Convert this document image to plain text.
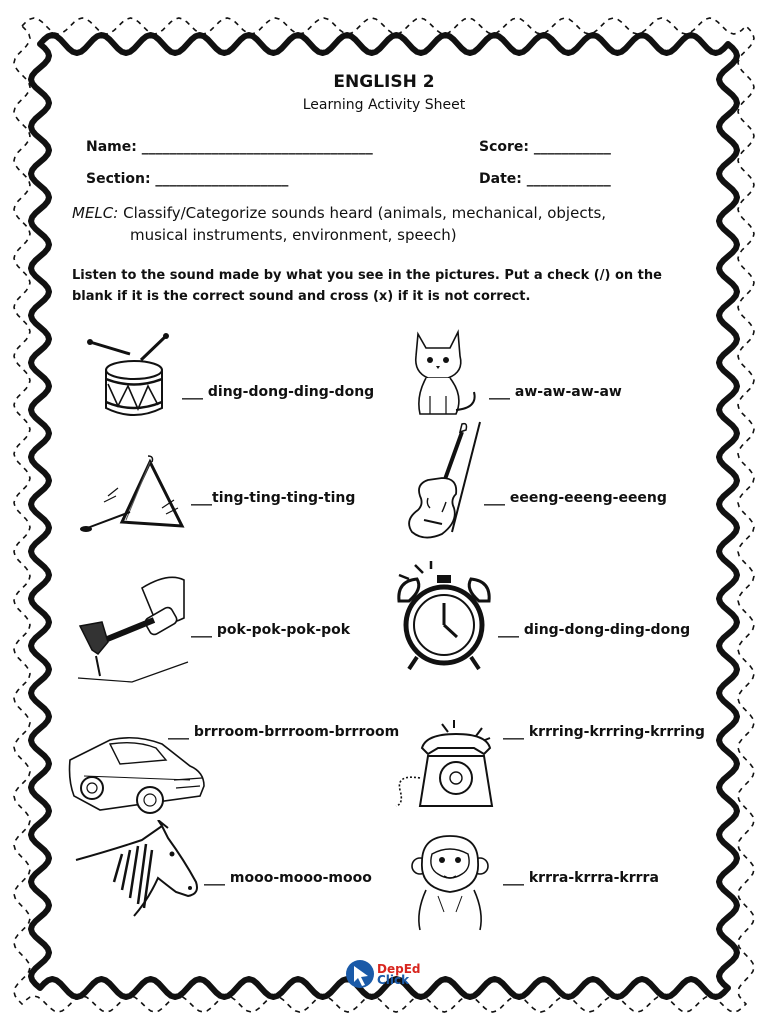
ENGLISH 2
Learning Activity Sheet
Name: _________________________________	Score: ___________
Section: ___________________	Date: ____________
MELC: Classify/Categorize sounds heard (animals, mechanical, objects,
musical instruments, environment, speech)
Listen to the sound made by what you see in the pictures. Put a check (/) on the blank if it is the correct sound and cross (x) if it is not correct.
___ ding-dong-ding-dong	___ aw-aw-aw-aw
___ting-ting-ting-ting	___ eeeng-eeeng-eeeng
___ pok-pok-pok-pok	___ ding-dong-ding-dong
___ brrroom-brrroom-brrroom	___ krrring-krrring-krrring
___ mooo-mooo-mooo	___ krrra-krrra-krrra
DepEd
Click
